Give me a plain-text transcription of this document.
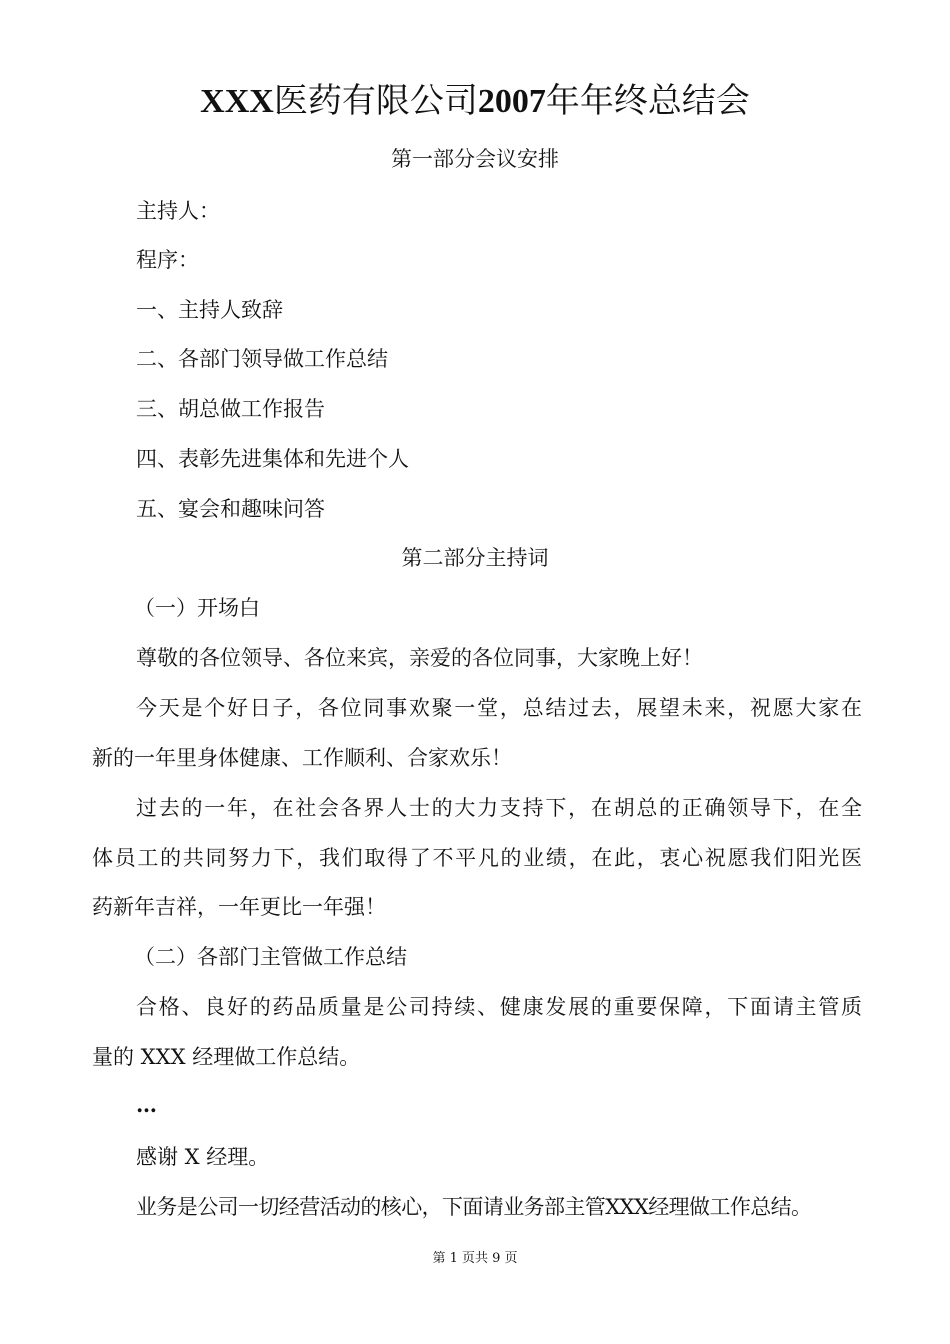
XXX医药有限公司2007年年终总结会

第一部分会议安排

主持人：

程序：

一、主持人致辞

二、各部门领导做工作总结

三、胡总做工作报告

四、表彰先进集体和先进个人

五、宴会和趣味问答

第二部分主持词

（一）开场白

尊敬的各位领导、各位来宾，亲爱的各位同事，大家晚上好！

今天是个好日子，各位同事欢聚一堂，总结过去，展望未来，祝愿大家在

新的一年里身体健康、工作顺利、合家欢乐！

过去的一年，在社会各界人士的大力支持下，在胡总的正确领导下，在全

体员工的共同努力下，我们取得了不平凡的业绩，在此，衷心祝愿我们阳光医

药新年吉祥，一年更比一年强！

（二）各部门主管做工作总结

合格、良好的药品质量是公司持续、健康发展的重要保障，下面请主管质

量的 XXX 经理做工作总结。

…

感谢 X 经理。

业务是公司一切经营活动的核心，下面请业务部主管XXX经理做工作总结。

第 1 页共 9 页
